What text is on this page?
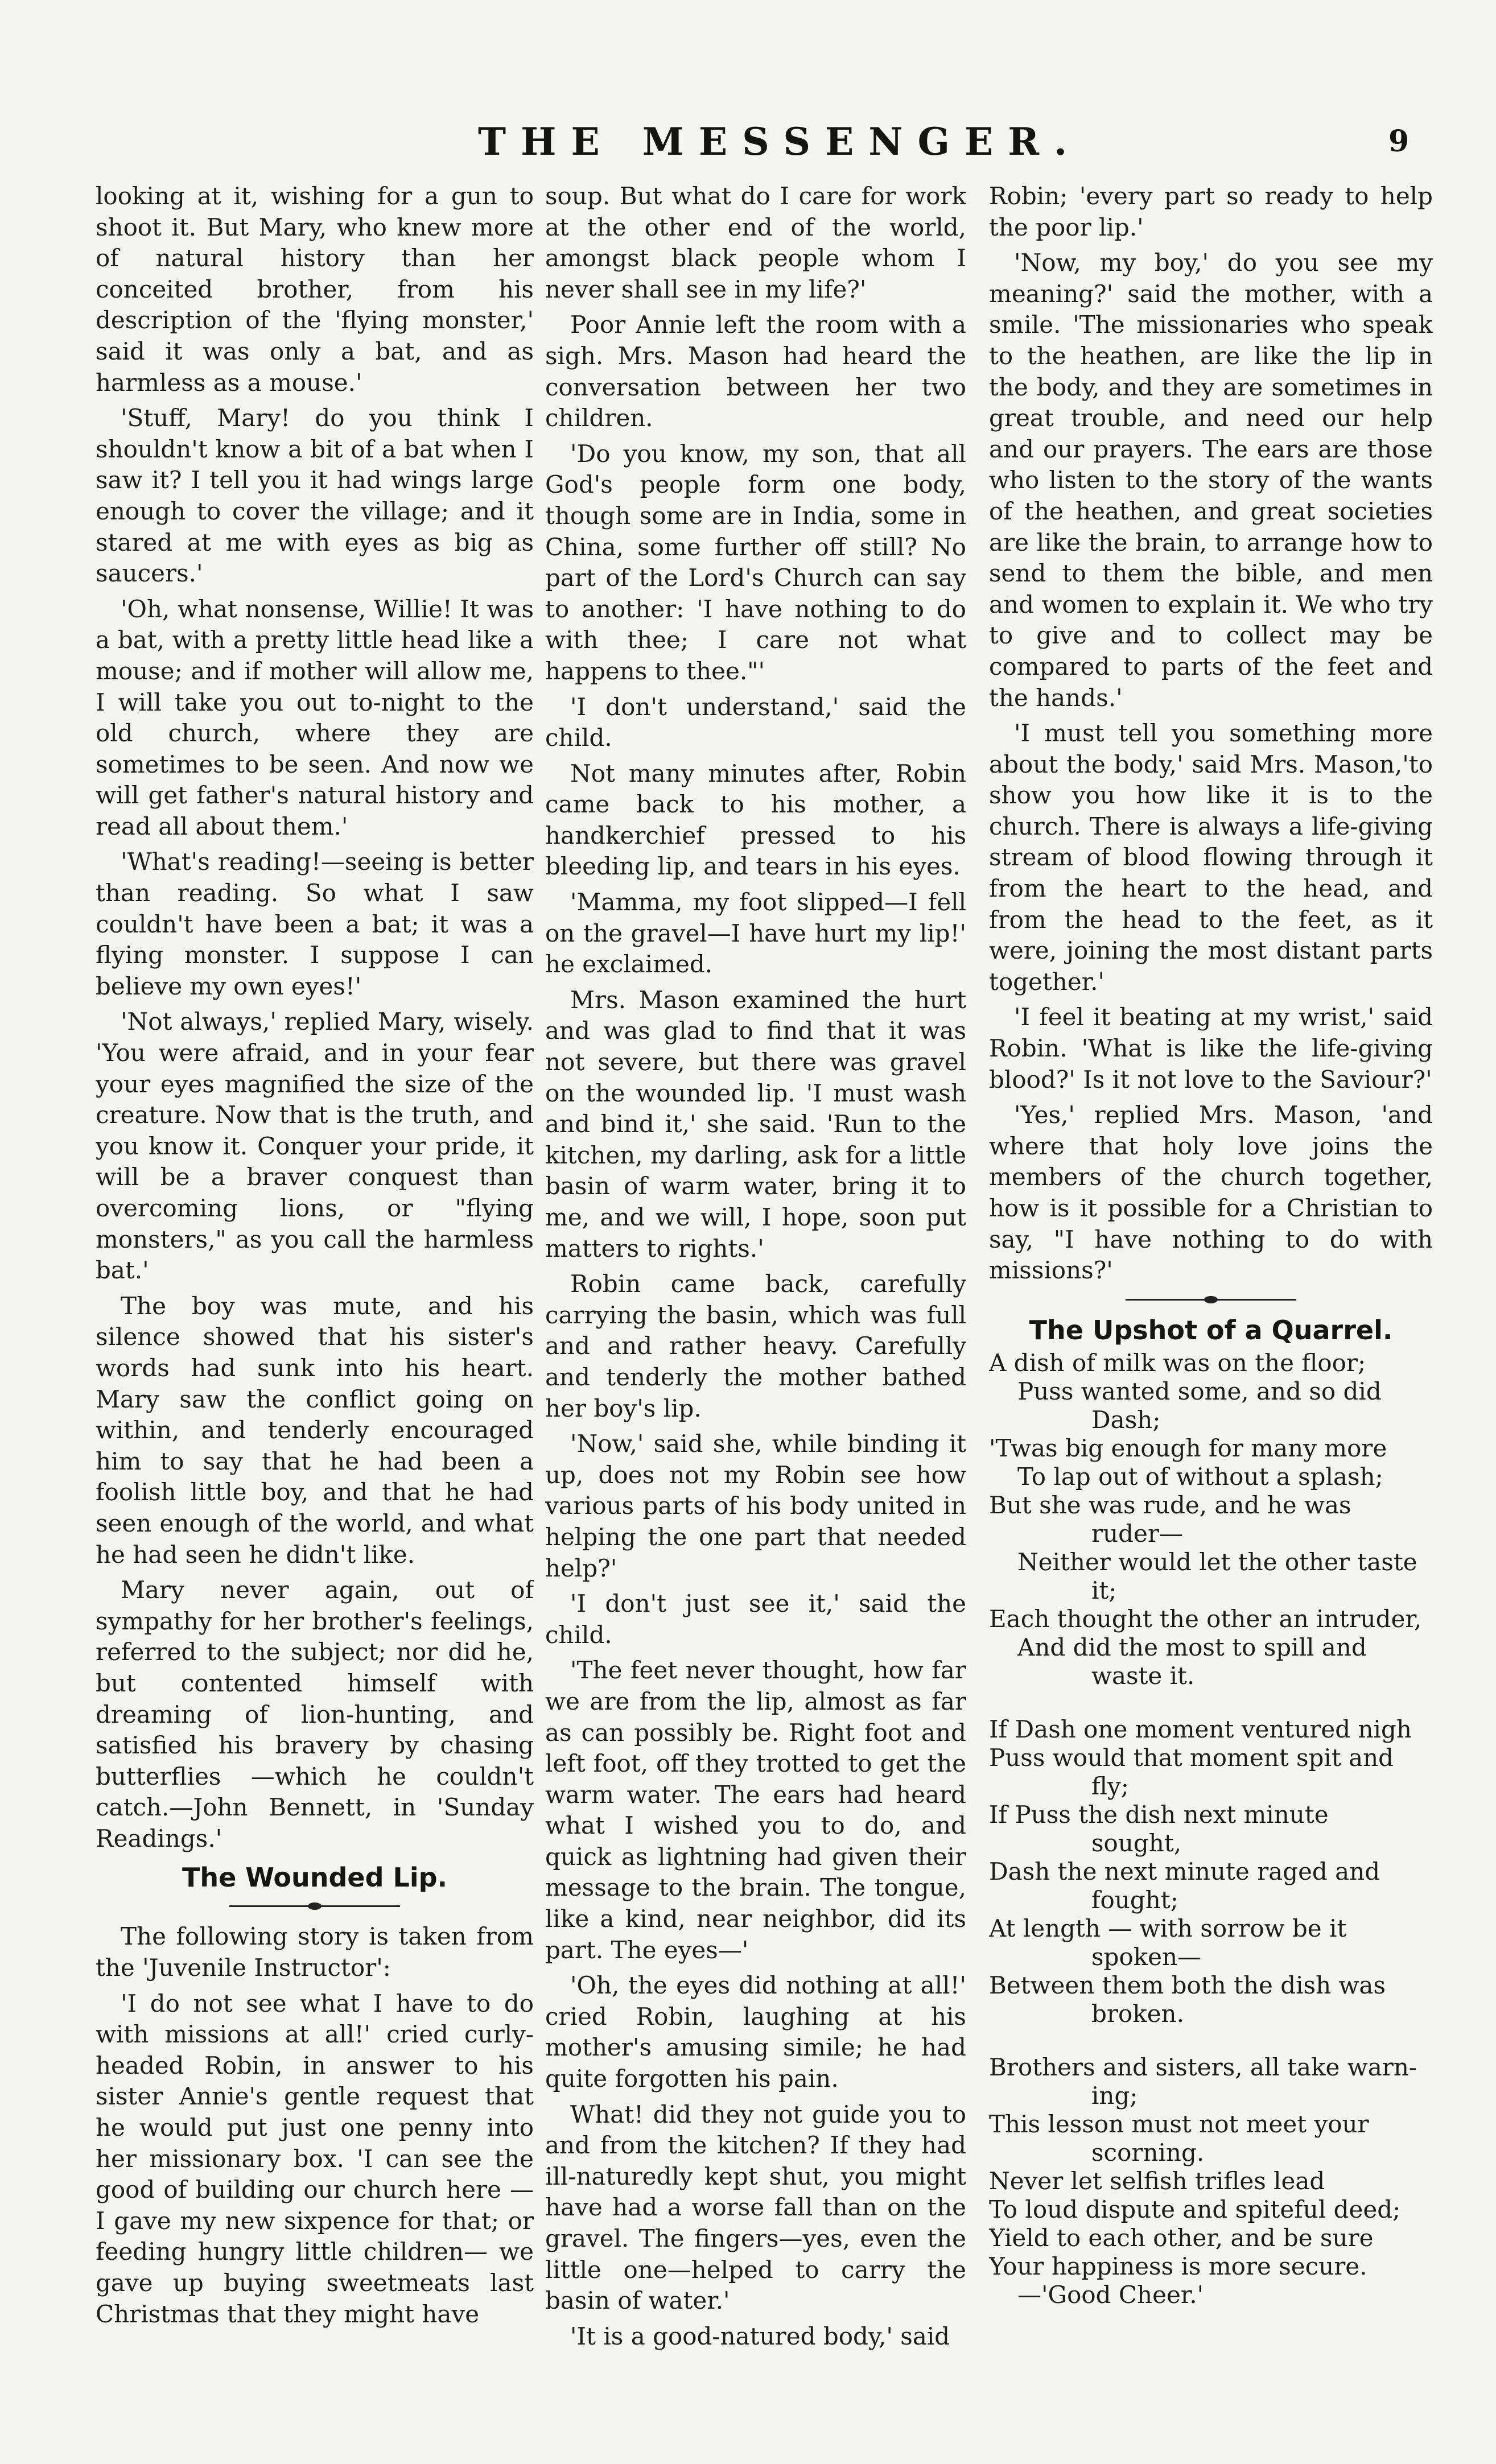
THE MESSENGER.	9

looking at it, wishing for a gun to shoot it. But Mary, who knew more of natural history than her conceited brother, from his description of the 'flying monster,' said it was only a bat, and as harmless as a mouse.'

'Stuff, Mary! do you think I shouldn't know a bit of a bat when I saw it? I tell you it had wings large enough to cover the village; and it stared at me with eyes as big as saucers.'

'Oh, what nonsense, Willie! It was a bat, with a pretty little head like a mouse; and if mother will allow me, I will take you out to-night to the old church, where they are sometimes to be seen. And now we will get father's natural history and read all about them.'

'What's reading!—seeing is better than reading. So what I saw couldn't have been a bat; it was a flying monster. I suppose I can believe my own eyes!'

'Not always,' replied Mary, wisely. 'You were afraid, and in your fear your eyes magnified the size of the creature. Now that is the truth, and you know it. Conquer your pride, it will be a braver conquest than overcoming lions, or "flying monsters," as you call the harmless bat.'

The boy was mute, and his silence showed that his sister's words had sunk into his heart. Mary saw the conflict going on within, and tenderly encouraged him to say that he had been a foolish little boy, and that he had seen enough of the world, and what he had seen he didn't like.

Mary never again, out of sympathy for her brother's feelings, referred to the subject; nor did he, but contented himself with dreaming of lion-hunting, and satisfied his bravery by chasing butterflies —which he couldn't catch.—John Bennett, in 'Sunday Readings.'

The Wounded Lip.

The following story is taken from the 'Juvenile Instructor':

'I do not see what I have to do with missions at all!' cried curly-headed Robin, in answer to his sister Annie's gentle request that he would put just one penny into her missionary box. 'I can see the good of building our church here —I gave my new sixpence for that; or feeding hungry little children— we gave up buying sweetmeats last Christmas that they might have

soup. But what do I care for work at the other end of the world, amongst black people whom I never shall see in my life?'

Poor Annie left the room with a sigh. Mrs. Mason had heard the conversation between her two children.

'Do you know, my son, that all God's people form one body, though some are in India, some in China, some further off still? No part of the Lord's Church can say to another: 'I have nothing to do with thee; I care not what happens to thee."'

'I don't understand,' said the child.

Not many minutes after, Robin came back to his mother, a handkerchief pressed to his bleeding lip, and tears in his eyes.

'Mamma, my foot slipped—I fell on the gravel—I have hurt my lip!' he exclaimed.

Mrs. Mason examined the hurt and was glad to find that it was not severe, but there was gravel on the wounded lip. 'I must wash and bind it,' she said. 'Run to the kitchen, my darling, ask for a little basin of warm water, bring it to me, and we will, I hope, soon put matters to rights.'

Robin came back, carefully carrying the basin, which was full and and rather heavy. Carefully and tenderly the mother bathed her boy's lip.

'Now,' said she, while binding it up, does not my Robin see how various parts of his body united in helping the one part that needed help?'

'I don't just see it,' said the child.

'The feet never thought, how far we are from the lip, almost as far as can possibly be. Right foot and left foot, off they trotted to get the warm water. The ears had heard what I wished you to do, and quick as lightning had given their message to the brain. The tongue, like a kind, near neighbor, did its part. The eyes—'

'Oh, the eyes did nothing at all!' cried Robin, laughing at his mother's amusing simile; he had quite forgotten his pain.

What! did they not guide you to and from the kitchen? If they had ill-naturedly kept shut, you might have had a worse fall than on the gravel. The fingers—yes, even the little one—helped to carry the basin of water.'

'It is a good-natured body,' said

Robin; 'every part so ready to help the poor lip.'

'Now, my boy,' do you see my meaning?' said the mother, with a smile. 'The missionaries who speak to the heathen, are like the lip in the body, and they are sometimes in great trouble, and need our help and our prayers. The ears are those who listen to the story of the wants of the heathen, and great societies are like the brain, to arrange how to send to them the bible, and men and women to explain it. We who try to give and to collect may be compared to parts of the feet and the hands.'

'I must tell you something more about the body,' said Mrs. Mason,'to show you how like it is to the church. There is always a life-giving stream of blood flowing through it from the heart to the head, and from the head to the feet, as it were, joining the most distant parts together.'

'I feel it beating at my wrist,' said Robin. 'What is like the life-giving blood?' Is it not love to the Saviour?'

'Yes,' replied Mrs. Mason, 'and where that holy love joins the members of the church together, how is it possible for a Christian to say, "I have nothing to do with missions?'

The Upshot of a Quarrel.
A dish of milk was on the floor;
Puss wanted some, and so did
Dash;
'Twas big enough for many more
To lap out of without a splash;
But she was rude, and he was
ruder—
Neither would let the other taste
it;
Each thought the other an intruder,
And did the most to spill and
waste it.
If Dash one moment ventured nigh
Puss would that moment spit and
fly;
If Puss the dish next minute
sought,
Dash the next minute raged and
fought;
At length — with sorrow be it
spoken—
Between them both the dish was
broken.
Brothers and sisters, all take warn-
ing;
This lesson must not meet your
scorning.
Never let selfish trifles lead
To loud dispute and spiteful deed;
Yield to each other, and be sure
Your happiness is more secure.
—'Good Cheer.'
